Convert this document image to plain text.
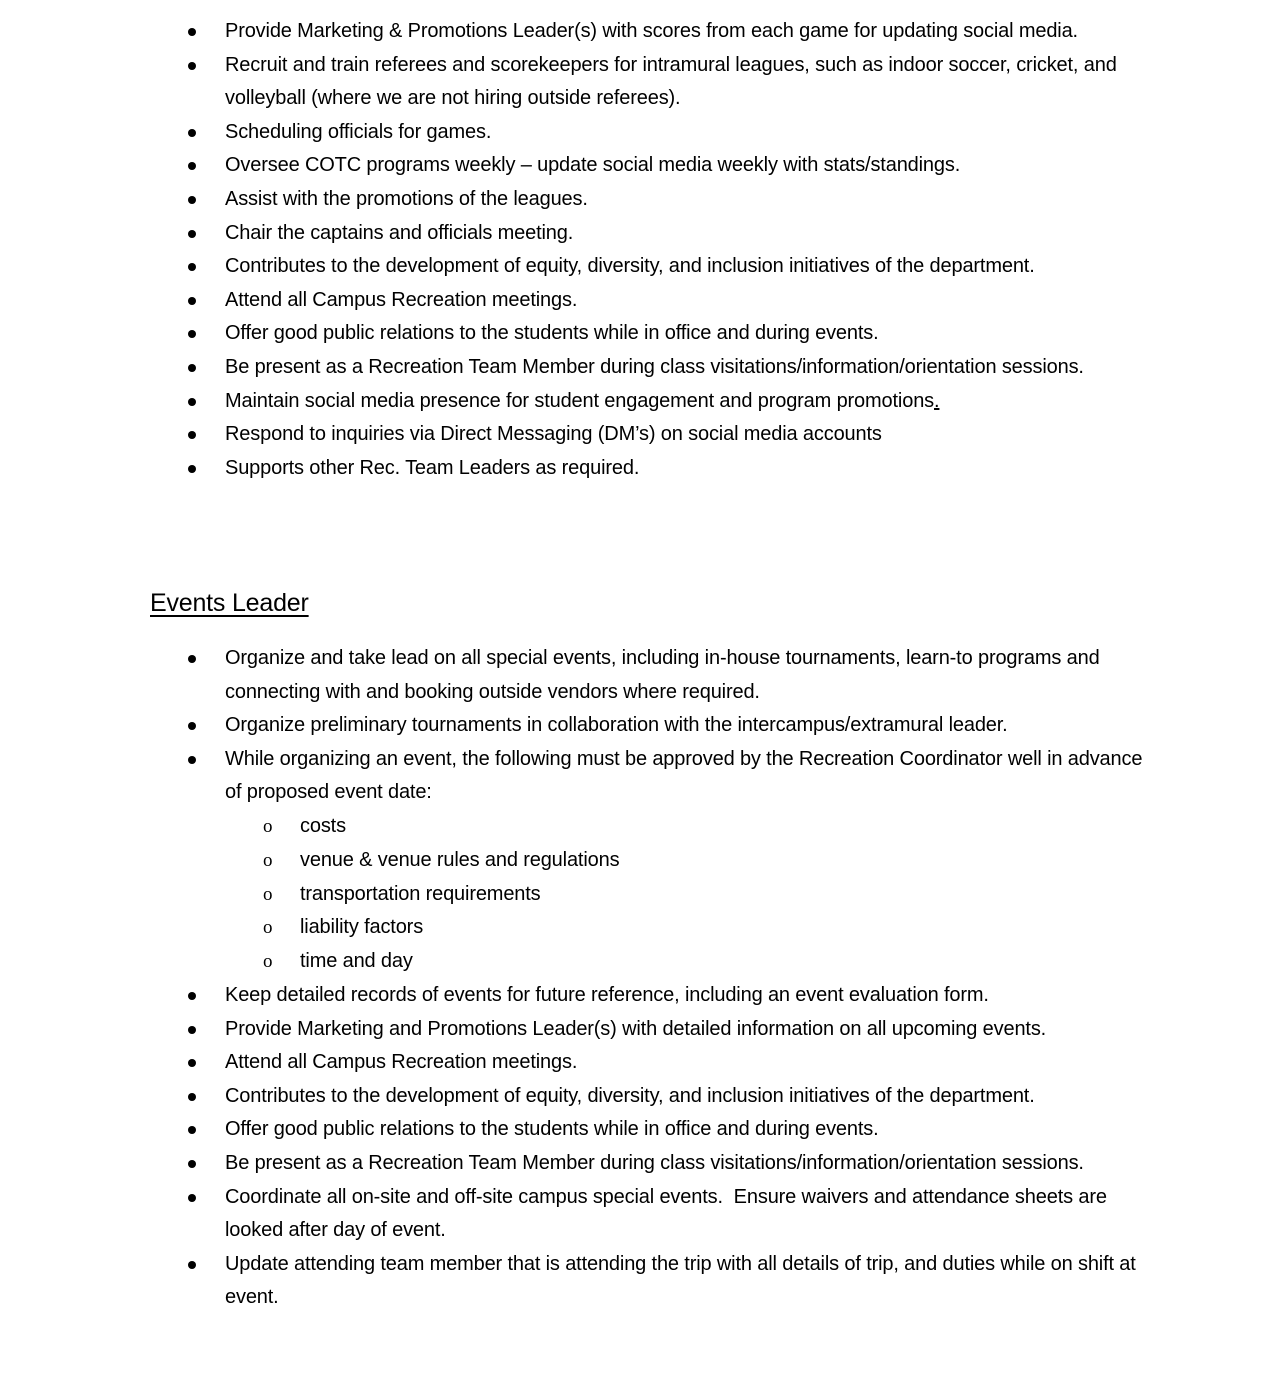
Provide Marketing & Promotions Leader(s) with scores from each game for updating social media.
Recruit and train referees and scorekeepers for intramural leagues, such as indoor soccer, cricket, and volleyball (where we are not hiring outside referees).
Scheduling officials for games.
Oversee COTC programs weekly – update social media weekly with stats/standings.
Assist with the promotions of the leagues.
Chair the captains and officials meeting.
Contributes to the development of equity, diversity, and inclusion initiatives of the department.
Attend all Campus Recreation meetings.
Offer good public relations to the students while in office and during events.
Be present as a Recreation Team Member during class visitations/information/orientation sessions.
Maintain social media presence for student engagement and program promotions.
Respond to inquiries via Direct Messaging (DM’s) on social media accounts
Supports other Rec. Team Leaders as required.
Events Leader
Organize and take lead on all special events, including in-house tournaments, learn-to programs and connecting with and booking outside vendors where required.
Organize preliminary tournaments in collaboration with the intercampus/extramural leader.
While organizing an event, the following must be approved by the Recreation Coordinator well in advance of proposed event date:
o costs
o venue & venue rules and regulations
o transportation requirements
o liability factors
o time and day
Keep detailed records of events for future reference, including an event evaluation form.
Provide Marketing and Promotions Leader(s) with detailed information on all upcoming events.
Attend all Campus Recreation meetings.
Contributes to the development of equity, diversity, and inclusion initiatives of the department.
Offer good public relations to the students while in office and during events.
Be present as a Recreation Team Member during class visitations/information/orientation sessions.
Coordinate all on-site and off-site campus special events.  Ensure waivers and attendance sheets are looked after day of event.
Update attending team member that is attending the trip with all details of trip, and duties while on shift at event.
